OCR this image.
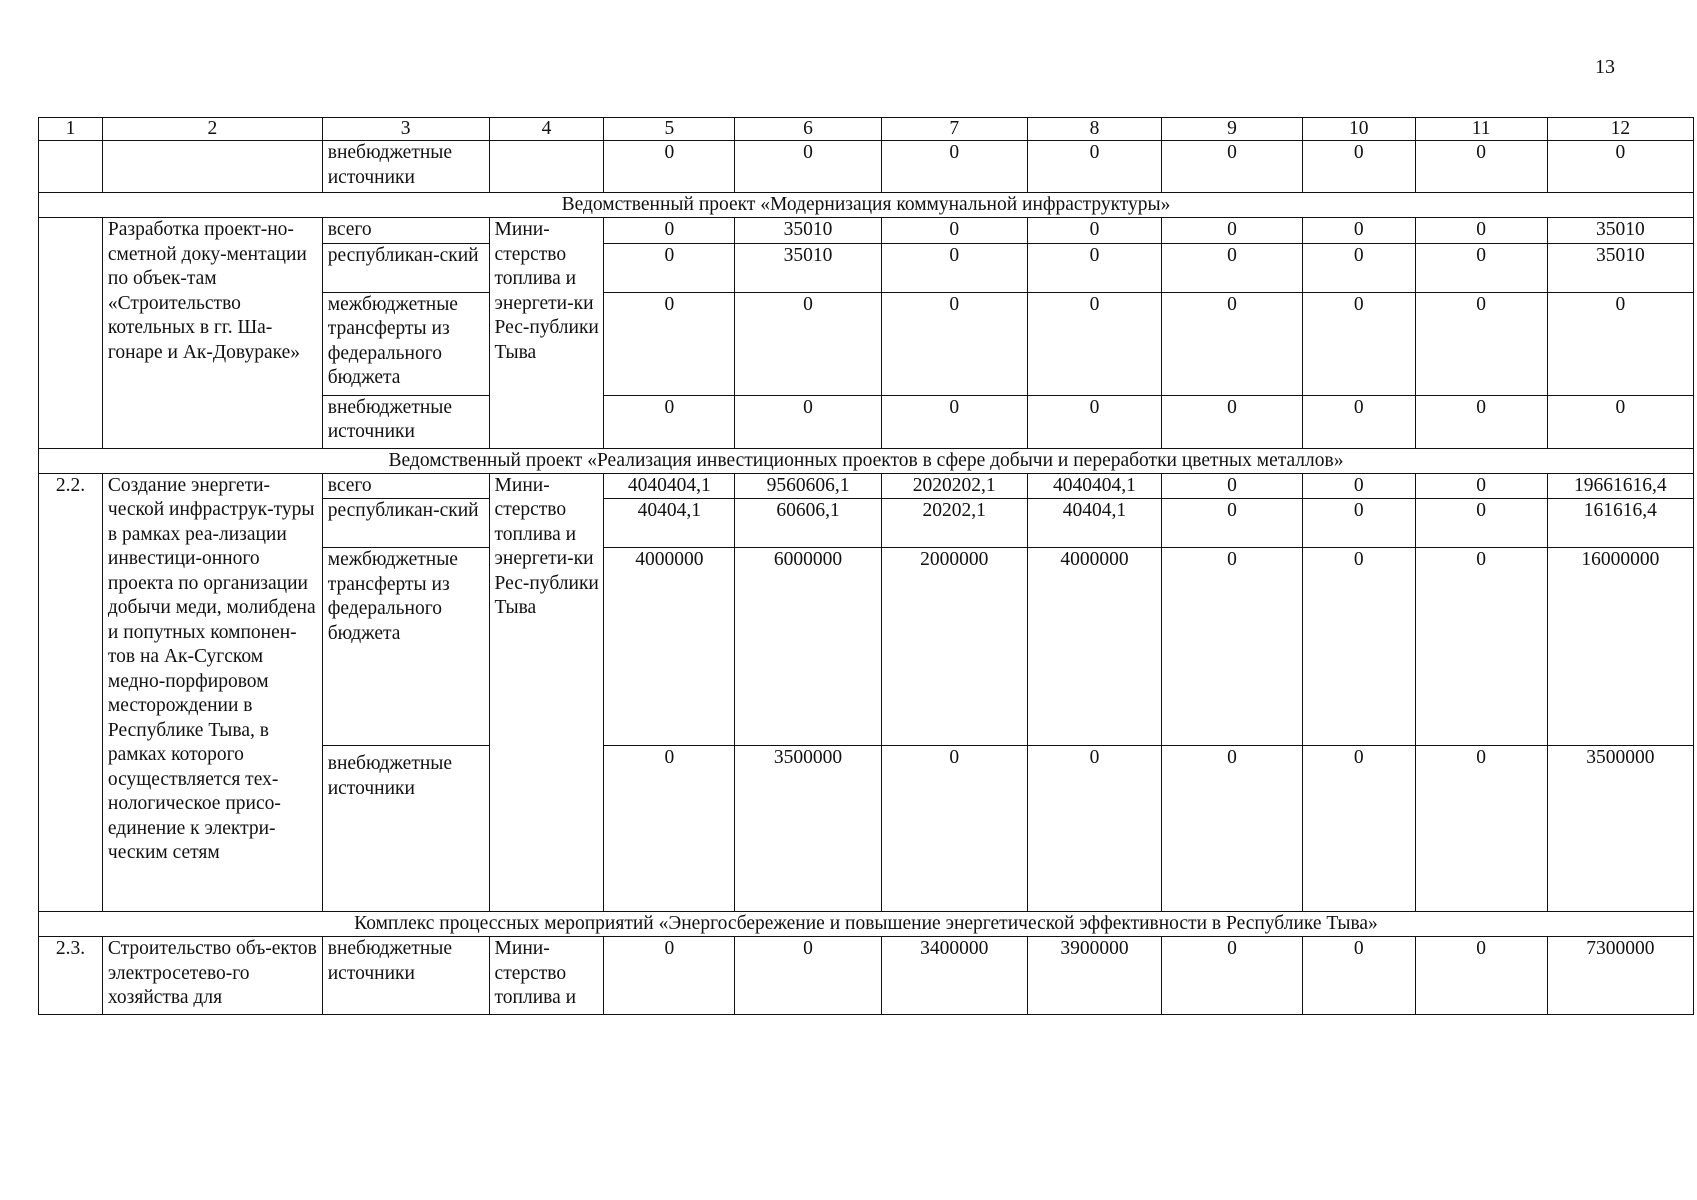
13
1	2	3	4	5	6	7	8	9	10	11	12
		внебюджетные источники		0	0	0	0	0	0	0	0
Ведомственный проект «Модернизация коммунальной инфраструктуры»											
	Разработка проект-но-сметной доку-ментации по объек-там «Строительство котельных в гг. Ша-гонаре и Ак-Довураке»	всего	Мини-стерство топлива и энергети-ки Рес-публики Тыва	0	35010	0	0	0	0	0	35010
		республикан-ский		0	35010	0	0	0	0	0	35010
		межбюджетные трансферты из федерального бюджета		0	0	0	0	0	0	0	0
		внебюджетные источники		0	0	0	0	0	0	0	0
Ведомственный проект «Реализация инвестиционных проектов в сфере добычи и переработки цветных металлов»											
2.2.	Создание энергети-ческой инфраструк-туры в рамках реа-лизации инвестици-онного проекта по организации добычи меди, молибдена и попутных компонен-тов на Ак-Сугском медно-порфировом месторождении в Республике Тыва, в рамках которого осуществляется тех-нологическое присо-единение к электри-ческим сетям	всего	Мини-стерство топлива и энергети-ки Рес-публики Тыва	4040404,1	9560606,1	2020202,1	4040404,1	0	0	0	19661616,4
		республикан-ский		40404,1	60606,1	20202,1	40404,1	0	0	0	161616,4
		межбюджетные трансферты из федерального бюджета		4000000	6000000	2000000	4000000	0	0	0	16000000
		внебюджетные источники		0	3500000	0	0	0	0	0	3500000
Комплекс процессных мероприятий «Энергосбережение и повышение энергетической эффективности в Республике Тыва»											
2.3.	Строительство объ-ектов электросетево-го хозяйства для	внебюджетные источники	Мини-стерство топлива и	0	0	3400000	3900000	0	0	0	7300000
